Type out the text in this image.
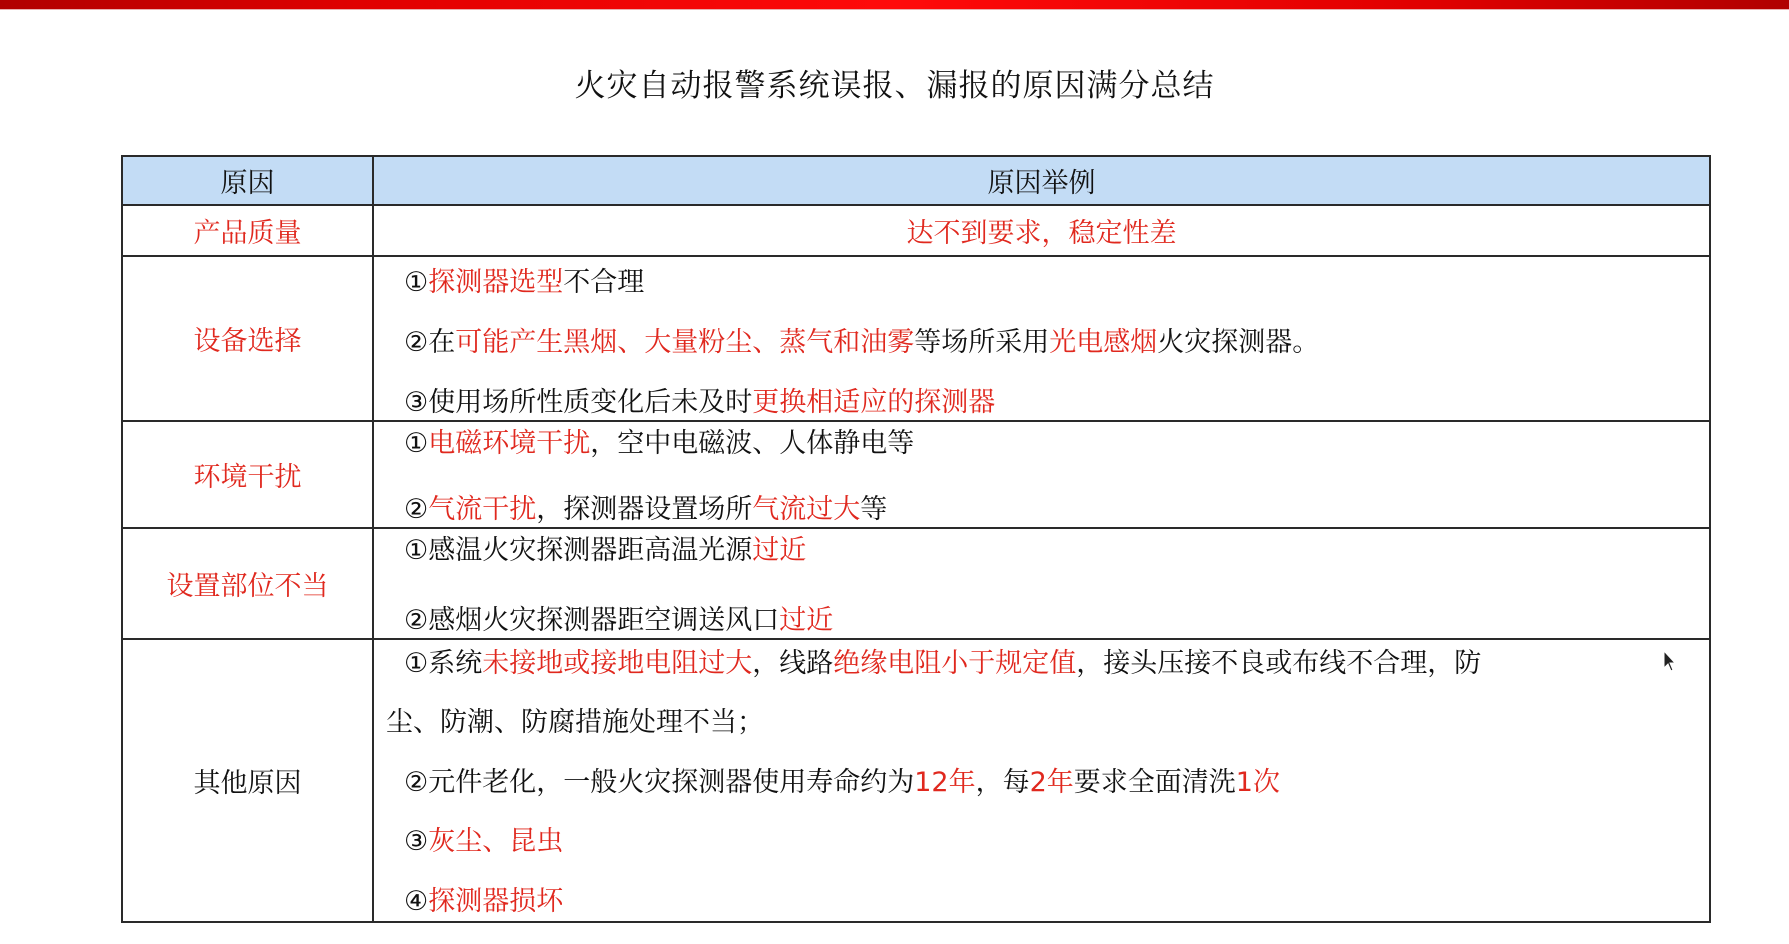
火灾自动报警系统误报、漏报的原因满分总结
原因	原因举例
产品质量	达不到要求，稳定性差
设备选择	①探测器选型不合理
②在可能产生黑烟、大量粉尘、蒸气和油雾等场所采用光电感烟火灾探测器。
③使用场所性质变化后未及时更换相适应的探测器

环境干扰	①电磁环境干扰，空中电磁波、人体静电等
②气流干扰，探测器设置场所气流过大等

设置部位不当	①感温火灾探测器距高温光源过近
②感烟火灾探测器距空调送风口过近

其他原因	①系统未接地或接地电阻过大，线路绝缘电阻小于规定值，接头压接不良或布线不合理，防
尘、防潮、防腐措施处理不当；
②元件老化，一般火灾探测器使用寿命约为12年，每2年要求全面清洗1次
③灰尘、昆虫
④探测器损坏
